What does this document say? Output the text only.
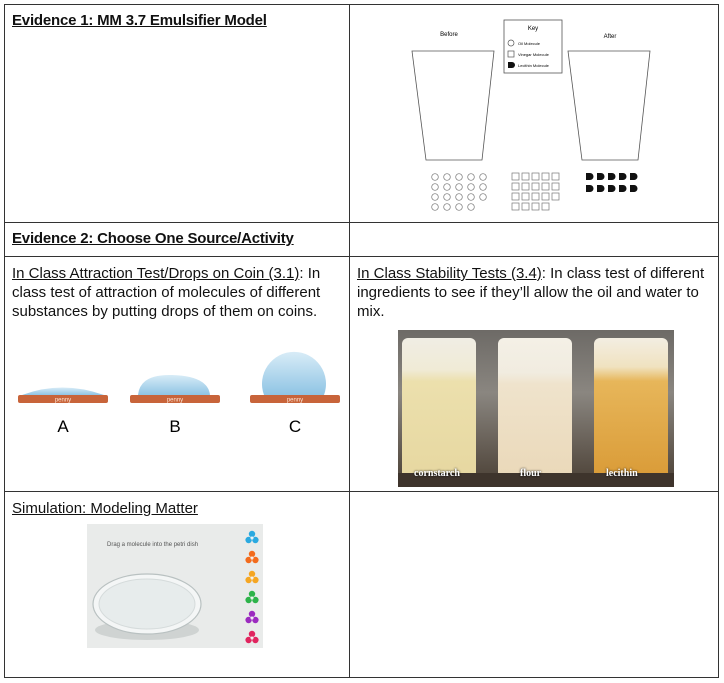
Evidence 1: MM 3.7 Emulsifier Model
Before	After
Key
Oil Molecule
Vinegar Molecule
Lecithin Molecule
Evidence 2: Choose One Source/Activity
In Class Attraction Test/Drops on Coin (3.1): In class test of attraction of molecules of different substances by putting drops of them on coins.
penny
A
penny
B
penny
C
In Class Stability Tests (3.4): In class test of different ingredients to see if they’ll allow the oil and water to mix.
cornstarch	flour	lecithin
Simulation: Modeling Matter
Drag a molecule into the petri dish
